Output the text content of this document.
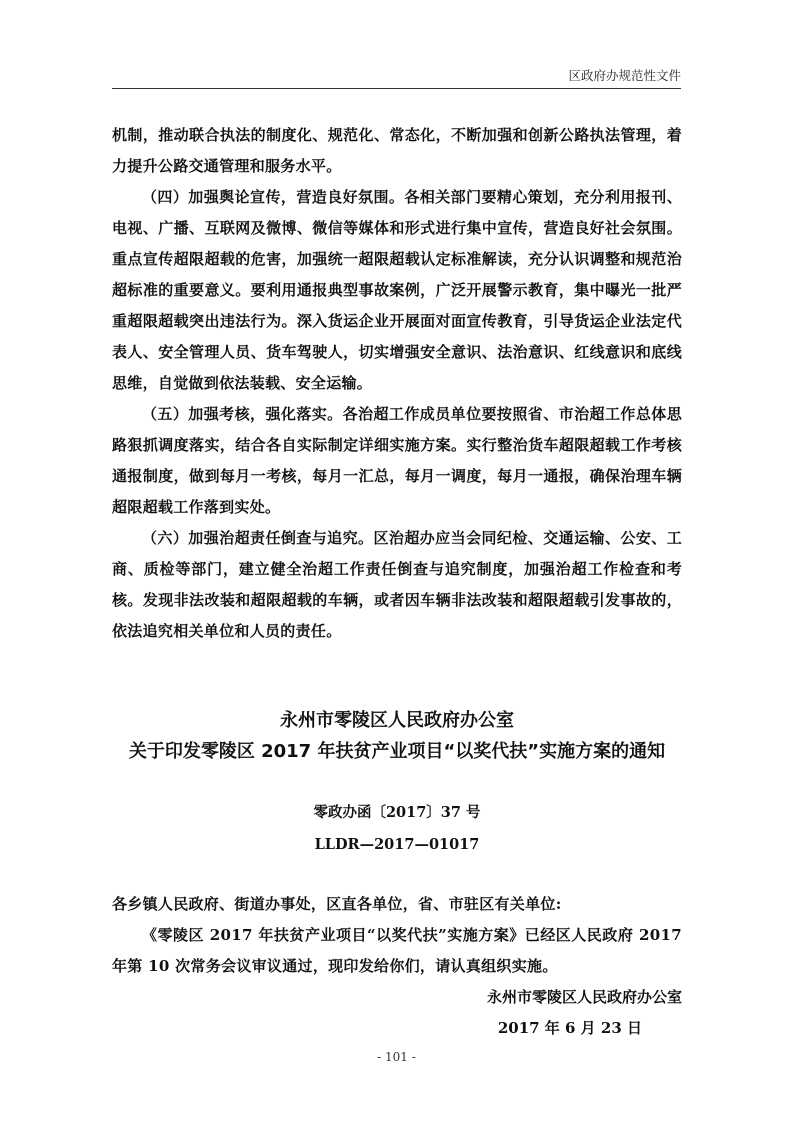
区政府办规范性文件

机制，推动联合执法的制度化、规范化、常态化，不断加强和创新公路执法管理，着力提升公路交通管理和服务水平。

（四）加强舆论宣传，营造良好氛围。各相关部门要精心策划，充分利用报刊、电视、广播、互联网及微博、微信等媒体和形式进行集中宣传，营造良好社会氛围。重点宣传超限超载的危害，加强统一超限超载认定标准解读，充分认识调整和规范治超标准的重要意义。要利用通报典型事故案例，广泛开展警示教育，集中曝光一批严重超限超载突出违法行为。深入货运企业开展面对面宣传教育，引导货运企业法定代表人、安全管理人员、货车驾驶人，切实增强安全意识、法治意识、红线意识和底线思维，自觉做到依法装载、安全运输。

（五）加强考核，强化落实。各治超工作成员单位要按照省、市治超工作总体思路狠抓调度落实，结合各自实际制定详细实施方案。实行整治货车超限超载工作考核通报制度，做到每月一考核，每月一汇总，每月一调度，每月一通报，确保治理车辆超限超载工作落到实处。

（六）加强治超责任倒查与追究。区治超办应当会同纪检、交通运输、公安、工商、质检等部门，建立健全治超工作责任倒查与追究制度，加强治超工作检查和考核。发现非法改装和超限超载的车辆，或者因车辆非法改装和超限超载引发事故的，依法追究相关单位和人员的责任。

永州市零陵区人民政府办公室
关于印发零陵区 2017 年扶贫产业项目“以奖代扶”实施方案的通知
零政办函〔2017〕37 号
LLDR—2017—01017

各乡镇人民政府、街道办事处，区直各单位，省、市驻区有关单位:

《零陵区 2017 年扶贫产业项目“以奖代扶”实施方案》已经区人民政府 2017 年第 10 次常务会议审议通过，现印发给你们，请认真组织实施。

永州市零陵区人民政府办公室
2017 年 6 月 23 日
- 101 -
